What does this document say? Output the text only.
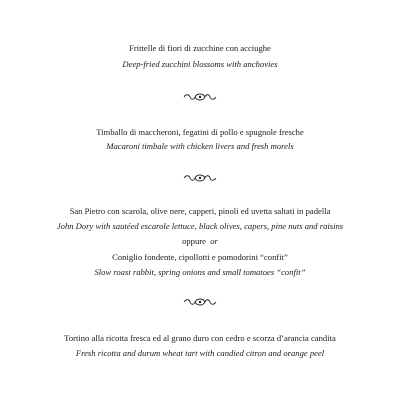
Frittelle di fiori di zucchine con acciughe
Deep-fried zucchini blossoms with anchovies
Timballo di maccheroni, fegatini di pollo e spugnole fresche
Macaroni timbale with chicken livers and fresh morels
San Pietro con scarola, olive nere, capperi, pinoli ed uvetta saltati in padella
John Dory with sautéed escarole lettuce, black olives, capers, pine nuts and raisins
oppure or
Coniglio fondente, cipollotti e pomodorini “confit”
Slow roast rabbit, spring onions and small tomatoes “confit”
Tortino alla ricotta fresca ed al grano duro con cedro e scorza d’arancia candita
Fresh ricotta and durum wheat tart with candied citron and orange peel
